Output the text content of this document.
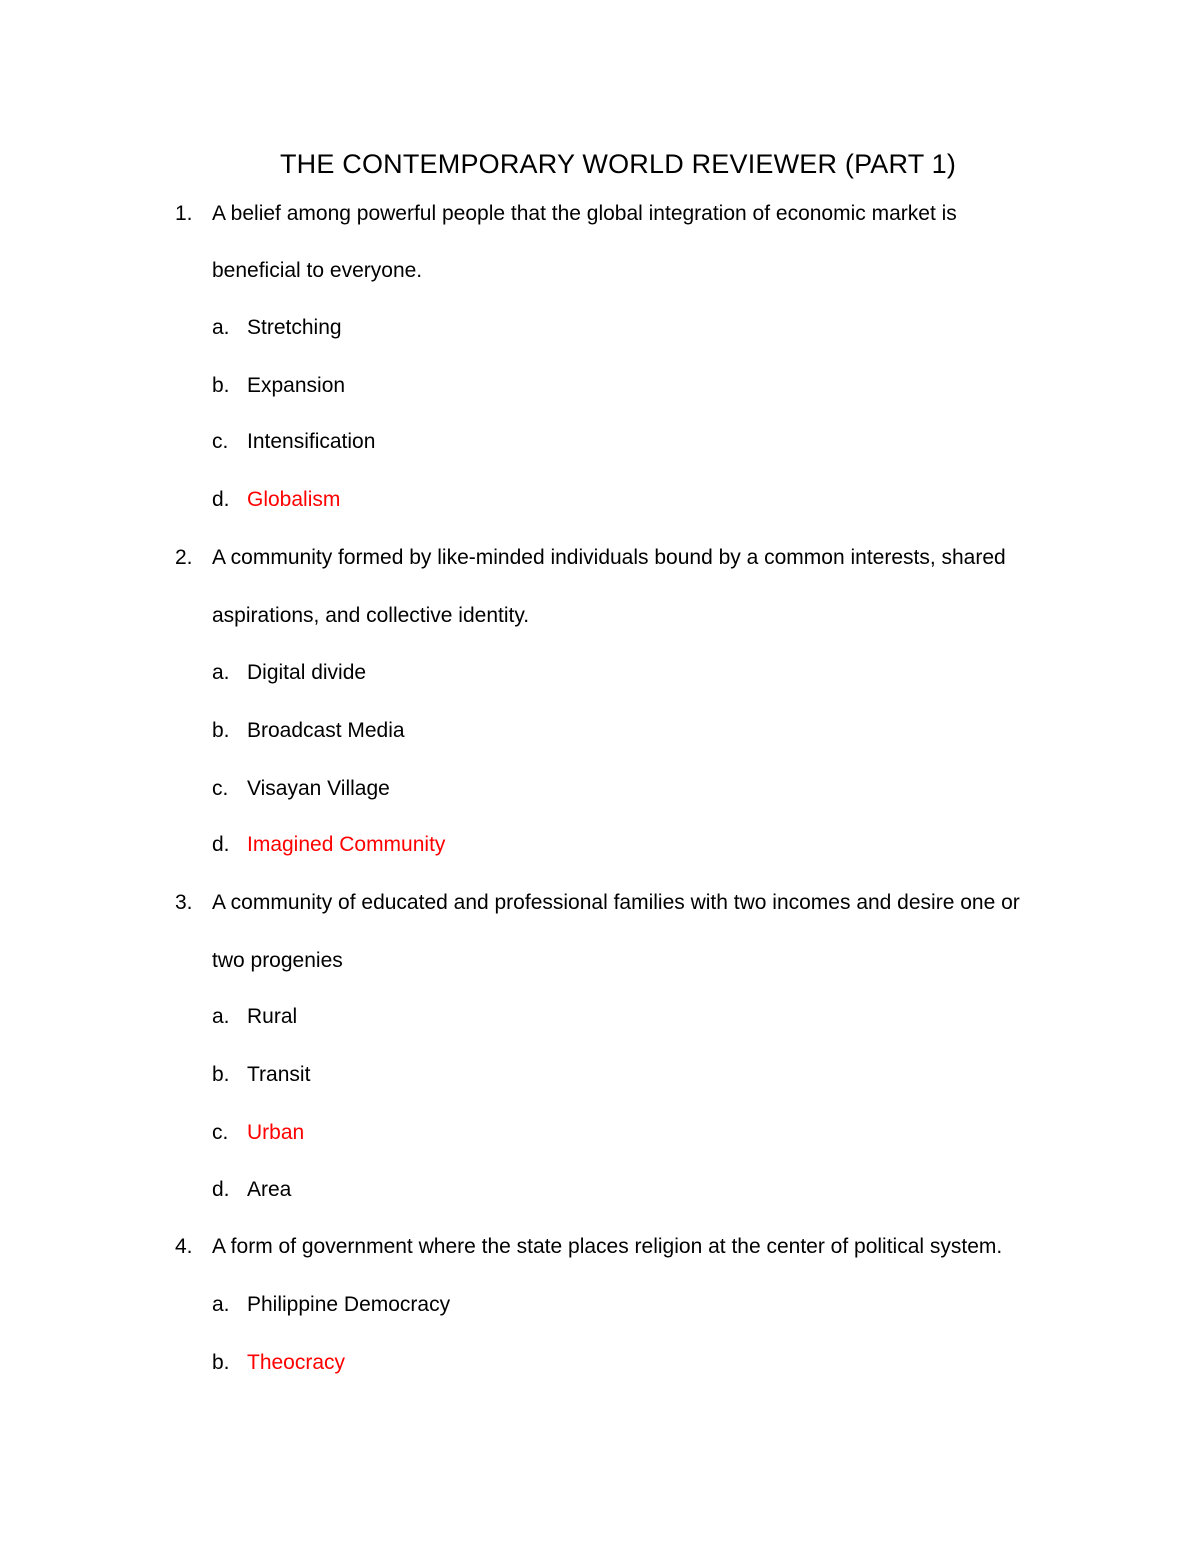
THE CONTEMPORARY WORLD REVIEWER (PART 1)
1. A belief among powerful people that the global integration of economic market is
beneficial to everyone.
a. Stretching
b. Expansion
c. Intensification
d. Globalism
2. A community formed by like-minded individuals bound by a common interests, shared
aspirations, and collective identity.
a. Digital divide
b. Broadcast Media
c. Visayan Village
d. Imagined Community
3. A community of educated and professional families with two incomes and desire one or
two progenies
a. Rural
b. Transit
c. Urban
d. Area
4. A form of government where the state places religion at the center of political system.
a. Philippine Democracy
b. Theocracy
